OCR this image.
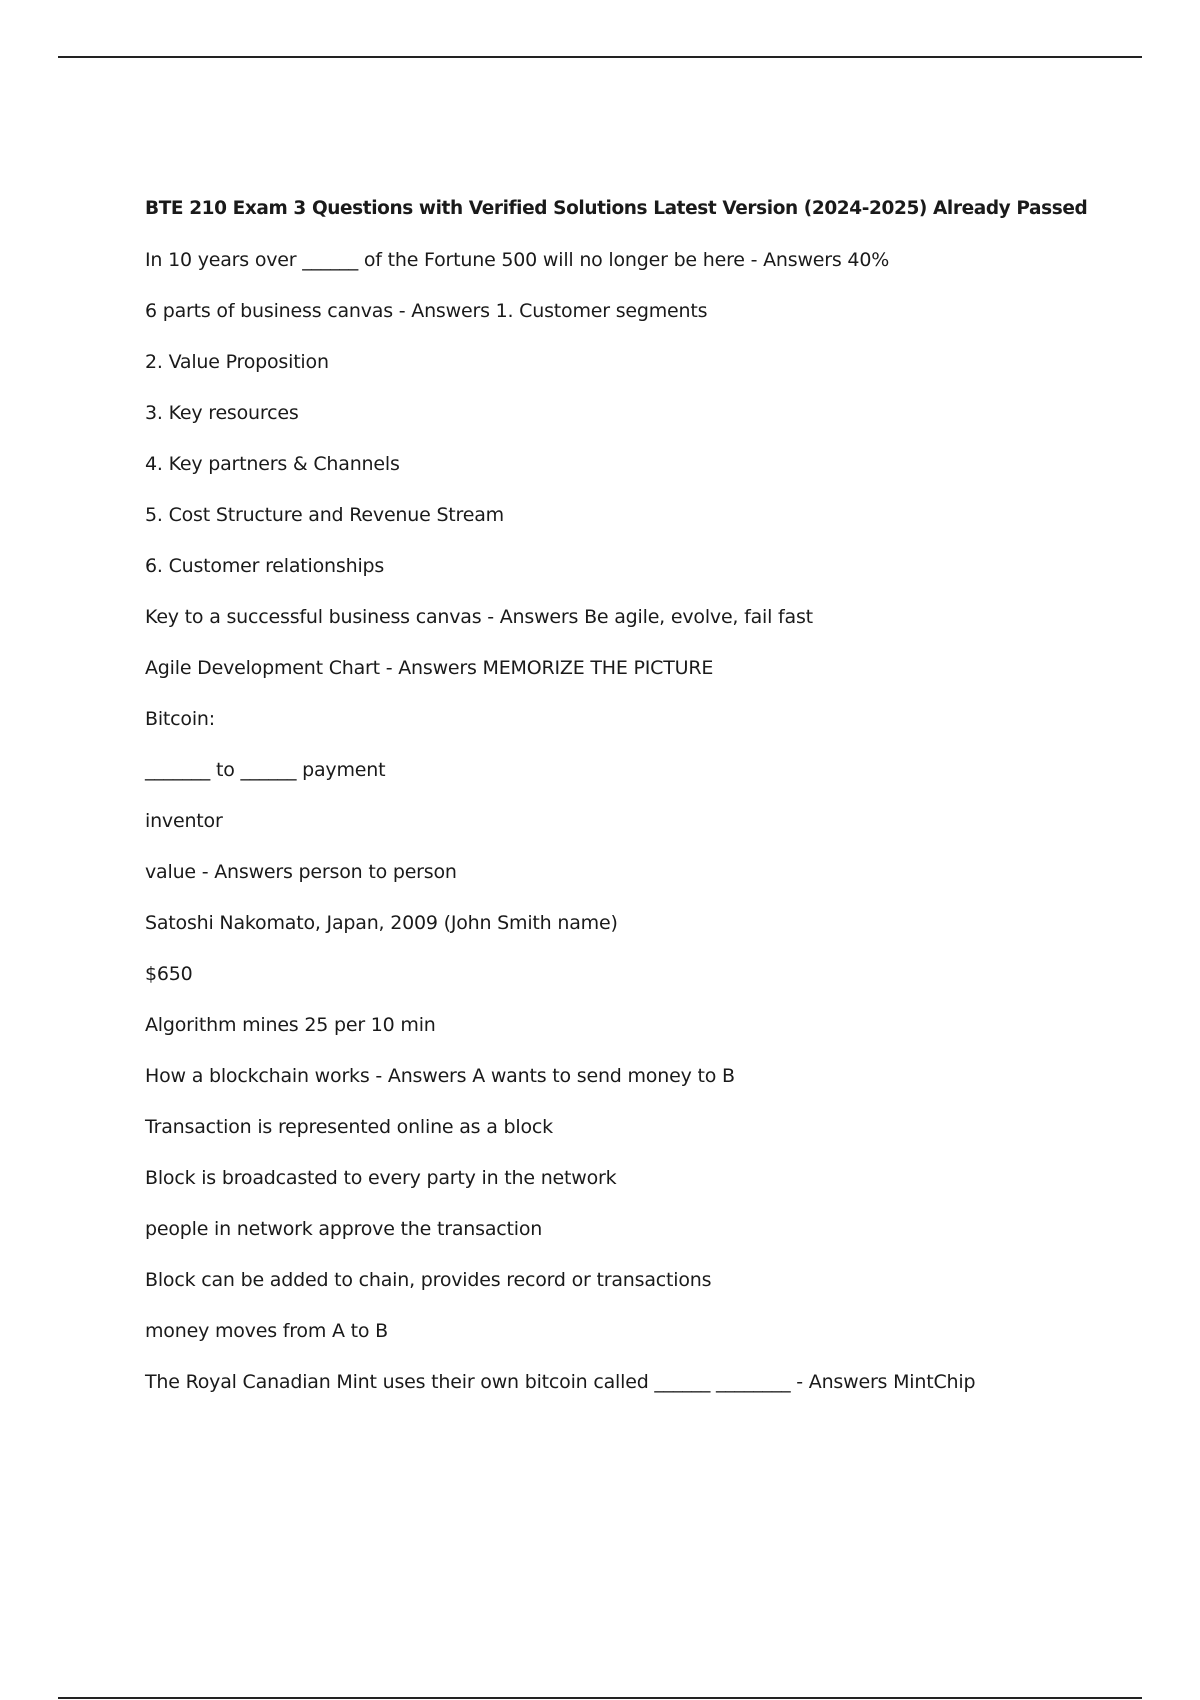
BTE 210 Exam 3 Questions with Verified Solutions Latest Version (2024-2025) Already Passed
In 10 years over ______ of the Fortune 500 will no longer be here - Answers 40%
6 parts of business canvas - Answers 1. Customer segments
2. Value Proposition
3. Key resources
4. Key partners & Channels
5. Cost Structure and Revenue Stream
6. Customer relationships
Key to a successful business canvas - Answers Be agile, evolve, fail fast
Agile Development Chart - Answers MEMORIZE THE PICTURE
Bitcoin:
_______ to ______ payment
inventor
value - Answers person to person
Satoshi Nakomato, Japan, 2009 (John Smith name)
$650
Algorithm mines 25 per 10 min
How a blockchain works - Answers A wants to send money to B
Transaction is represented online as a block
Block is broadcasted to every party in the network
people in network approve the transaction
Block can be added to chain, provides record or transactions
money moves from A to B
The Royal Canadian Mint uses their own bitcoin called ______ ________ - Answers MintChip
